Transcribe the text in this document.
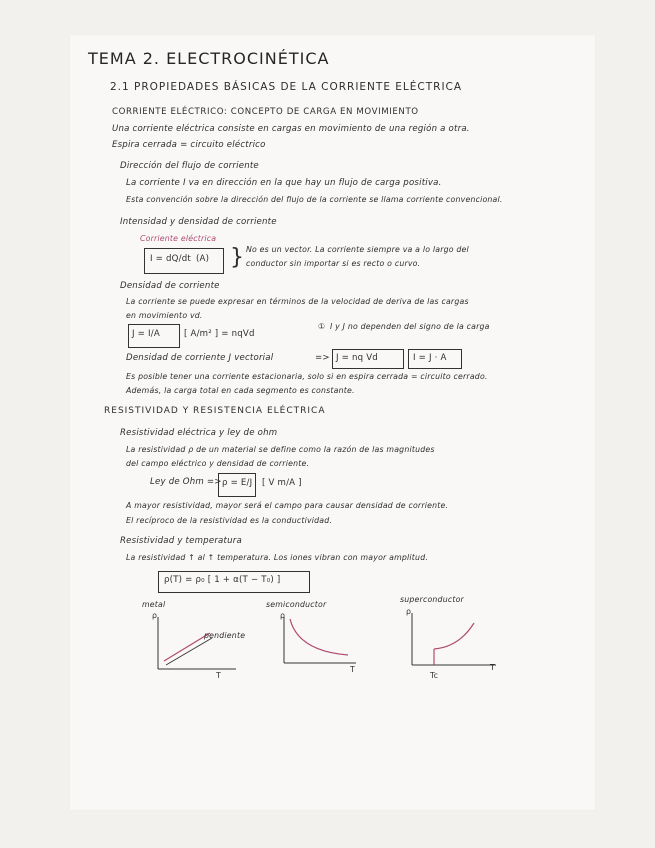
TEMA 2. ELECTROCINÉTICA
2.1 PROPIEDADES BÁSICAS DE LA CORRIENTE ELÉCTRICA
CORRIENTE ELÉCTRICO: CONCEPTO DE CARGA EN MOVIMIENTO
Una corriente eléctrica consiste en cargas en movimiento de una región a otra.
Espira cerrada = circuito eléctrico
Dirección del flujo de corriente
La corriente I va en dirección en la que hay un flujo de carga positiva.
Esta convención sobre la dirección del flujo de la corriente se llama corriente convencional.
Intensidad y densidad de corriente
Corriente eléctrica
I = dQ/dt (A) } No es un vector. La corriente siempre va a lo largo del
conductor sin importar si es recto o curvo.
Densidad de corriente
La corriente se puede expresar en términos de la velocidad de deriva de las cargas
en movimiento vd.
J = I/A	[ A/m² ] = nqVd
① I y J no dependen del signo de la carga
Densidad de corriente J vectorial	=> J = nq Vd	I = J · A
Es posible tener una corriente estacionaria, solo si en espira cerrada = circuito cerrado.
Además, la carga total en cada segmento es constante.
RESISTIVIDAD Y RESISTENCIA ELÉCTRICA
Resistividad eléctrica y ley de ohm
La resistividad ρ de un material se define como la razón de las magnitudes
del campo eléctrico y densidad de corriente.
Ley de Ohm => ρ = E/J [ V m/A ]
A mayor resistividad, mayor será el campo para causar densidad de corriente.
El recíproco de la resistividad es la conductividad.
Resistividad y temperatura
La resistividad ↑ al ↑ temperatura. Los iones vibran con mayor amplitud.
ρ(T) = ρ₀ [ 1 + α(T − T₀) ]
metal
ρ
T
pendiente
semiconductor
ρ
T
superconductor
ρ
T
Tc
